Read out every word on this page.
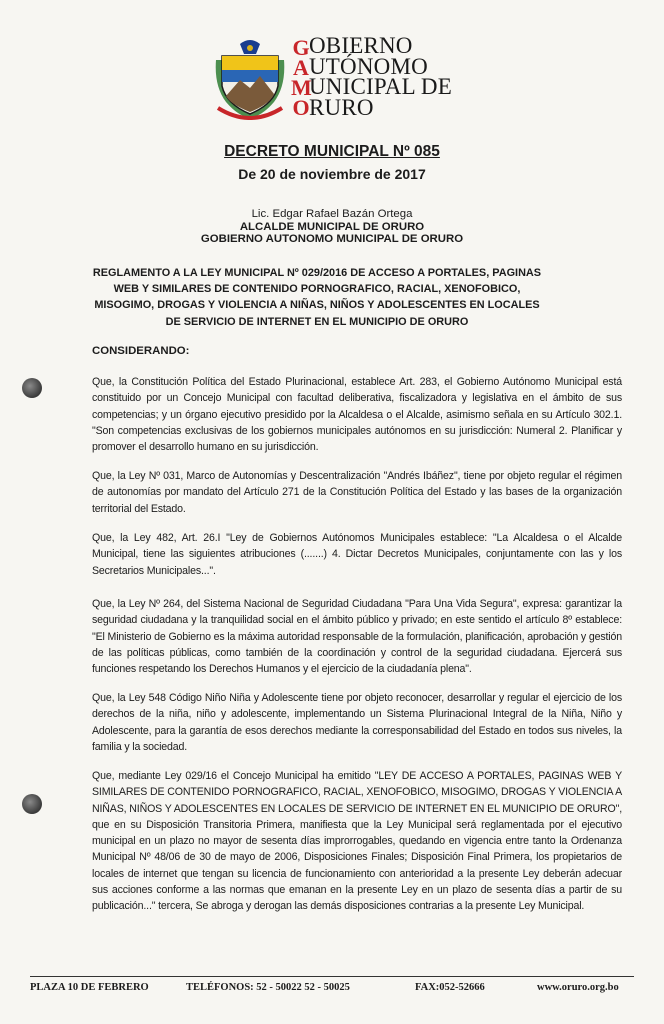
G
A
M
O
OBIERNO
UTÓNOMO
UNICIPAL DE
RURO
DECRETO MUNICIPAL Nº 085
De 20 de noviembre de 2017
Lic. Edgar Rafael Bazán Ortega
ALCALDE MUNICIPAL DE ORURO
GOBIERNO AUTONOMO MUNICIPAL DE ORURO
REGLAMENTO A LA LEY MUNICIPAL Nº 029/2016 DE ACCESO A PORTALES, PAGINAS WEB Y SIMILARES DE CONTENIDO PORNOGRAFICO, RACIAL, XENOFOBICO, MISOGIMO, DROGAS Y VIOLENCIA A NIÑAS, NIÑOS Y ADOLESCENTES EN LOCALES DE SERVICIO DE INTERNET EN EL MUNICIPIO DE ORURO
CONSIDERANDO:
Que, la Constitución Política del Estado Plurinacional, establece Art. 283, el Gobierno Autónomo Municipal está constituido por un Concejo Municipal con facultad deliberativa, fiscalizadora y legislativa en el ámbito de sus competencias; y un órgano ejecutivo presidido por la Alcaldesa o el Alcalde, asimismo señala en su Artículo 302.1. "Son competencias exclusivas de los gobiernos municipales autónomos en su jurisdicción: Numeral 2. Planificar y promover el desarrollo humano en su jurisdicción.
Que, la Ley Nº 031, Marco de Autonomías y Descentralización "Andrés Ibáñez", tiene por objeto regular el régimen de autonomías por mandato del Artículo 271 de la Constitución Política del Estado y las bases de la organización territorial del Estado.
Que, la Ley 482, Art. 26.I "Ley de Gobiernos Autónomos Municipales establece: "La Alcaldesa o el Alcalde Municipal, tiene las siguientes atribuciones (.......) 4. Dictar Decretos Municipales, conjuntamente con las y los Secretarios Municipales...".
Que, la Ley Nº 264, del Sistema Nacional de Seguridad Ciudadana "Para Una Vida Segura", expresa: garantizar la seguridad ciudadana y la tranquilidad social en el ámbito público y privado; en este sentido el artículo 8º establece: "El Ministerio de Gobierno es la máxima autoridad responsable de la formulación, planificación, aprobación y gestión de las políticas públicas, como también de la coordinación y control de la seguridad ciudadana. Ejercerá sus funciones respetando los Derechos Humanos y el ejercicio de la ciudadanía plena".
Que, la Ley 548 Código Niño Niña y Adolescente tiene por objeto reconocer, desarrollar y regular el ejercicio de los derechos de la niña, niño y adolescente, implementando un Sistema Plurinacional Integral de la Niña, Niño y Adolescente, para la garantía de esos derechos mediante la corresponsabilidad del Estado en todos sus niveles, la familia y la sociedad.
Que, mediante Ley 029/16 el Concejo Municipal ha emitido "LEY DE ACCESO A PORTALES, PAGINAS WEB Y SIMILARES DE CONTENIDO PORNOGRAFICO, RACIAL, XENOFOBICO, MISOGIMO, DROGAS Y VIOLENCIA A NIÑAS, NIÑOS Y ADOLESCENTES EN LOCALES DE SERVICIO DE INTERNET EN EL MUNICIPIO DE ORURO", que en su Disposición Transitoria Primera, manifiesta que la Ley Municipal será reglamentada por el ejecutivo municipal en un plazo no mayor de sesenta días improrrogables, quedando en vigencia entre tanto la Ordenanza Municipal Nº 48/06 de 30 de mayo de 2006, Disposiciones Finales; Disposición Final Primera, los propietarios de locales de internet que tengan su licencia de funcionamiento con anterioridad a la presente Ley deberán adecuar sus acciones conforme a las normas que emanan en la presente Ley en un plazo de sesenta días a partir de su publicación..." tercera, Se abroga y derogan las demás disposiciones contrarias a la presente Ley Municipal.
PLAZA 10 DE FEBRERO	TELÉFONOS: 52 - 50022 52 - 50025	FAX:052-52666	www.oruro.org.bo
